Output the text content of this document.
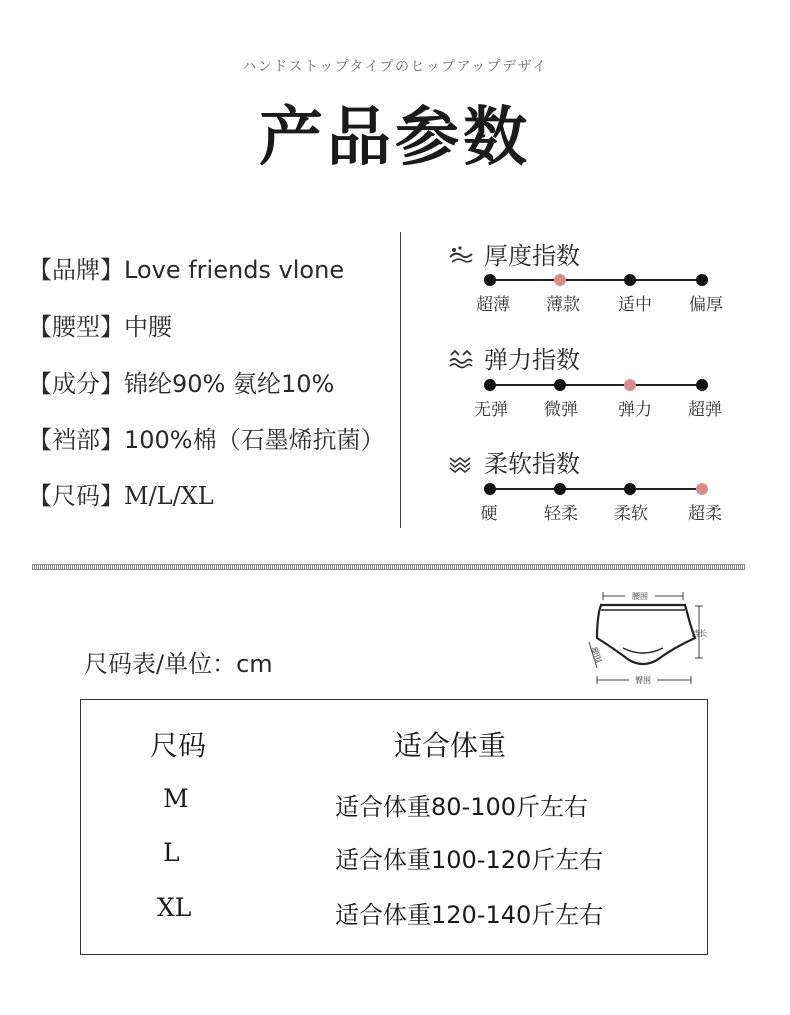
ハンドストップタイプのヒップアップデザイ
产品参数
【品牌】Love friends vlone
【腰型】中腰
【成分】锦纶90% 氨纶10%
【裆部】100%棉（石墨烯抗菌）
【尺码】M/L/XL
厚度指数
超薄	薄款	适中	偏厚
弹力指数
无弹	微弹	弹力	超弹
柔软指数
硬	轻柔	柔软	超柔
腰围
裆长
腿围
臀围
尺码表/单位：cm
尺码	适合体重
M	适合体重80-100斤左右
L	适合体重100-120斤左右
XL	适合体重120-140斤左右
